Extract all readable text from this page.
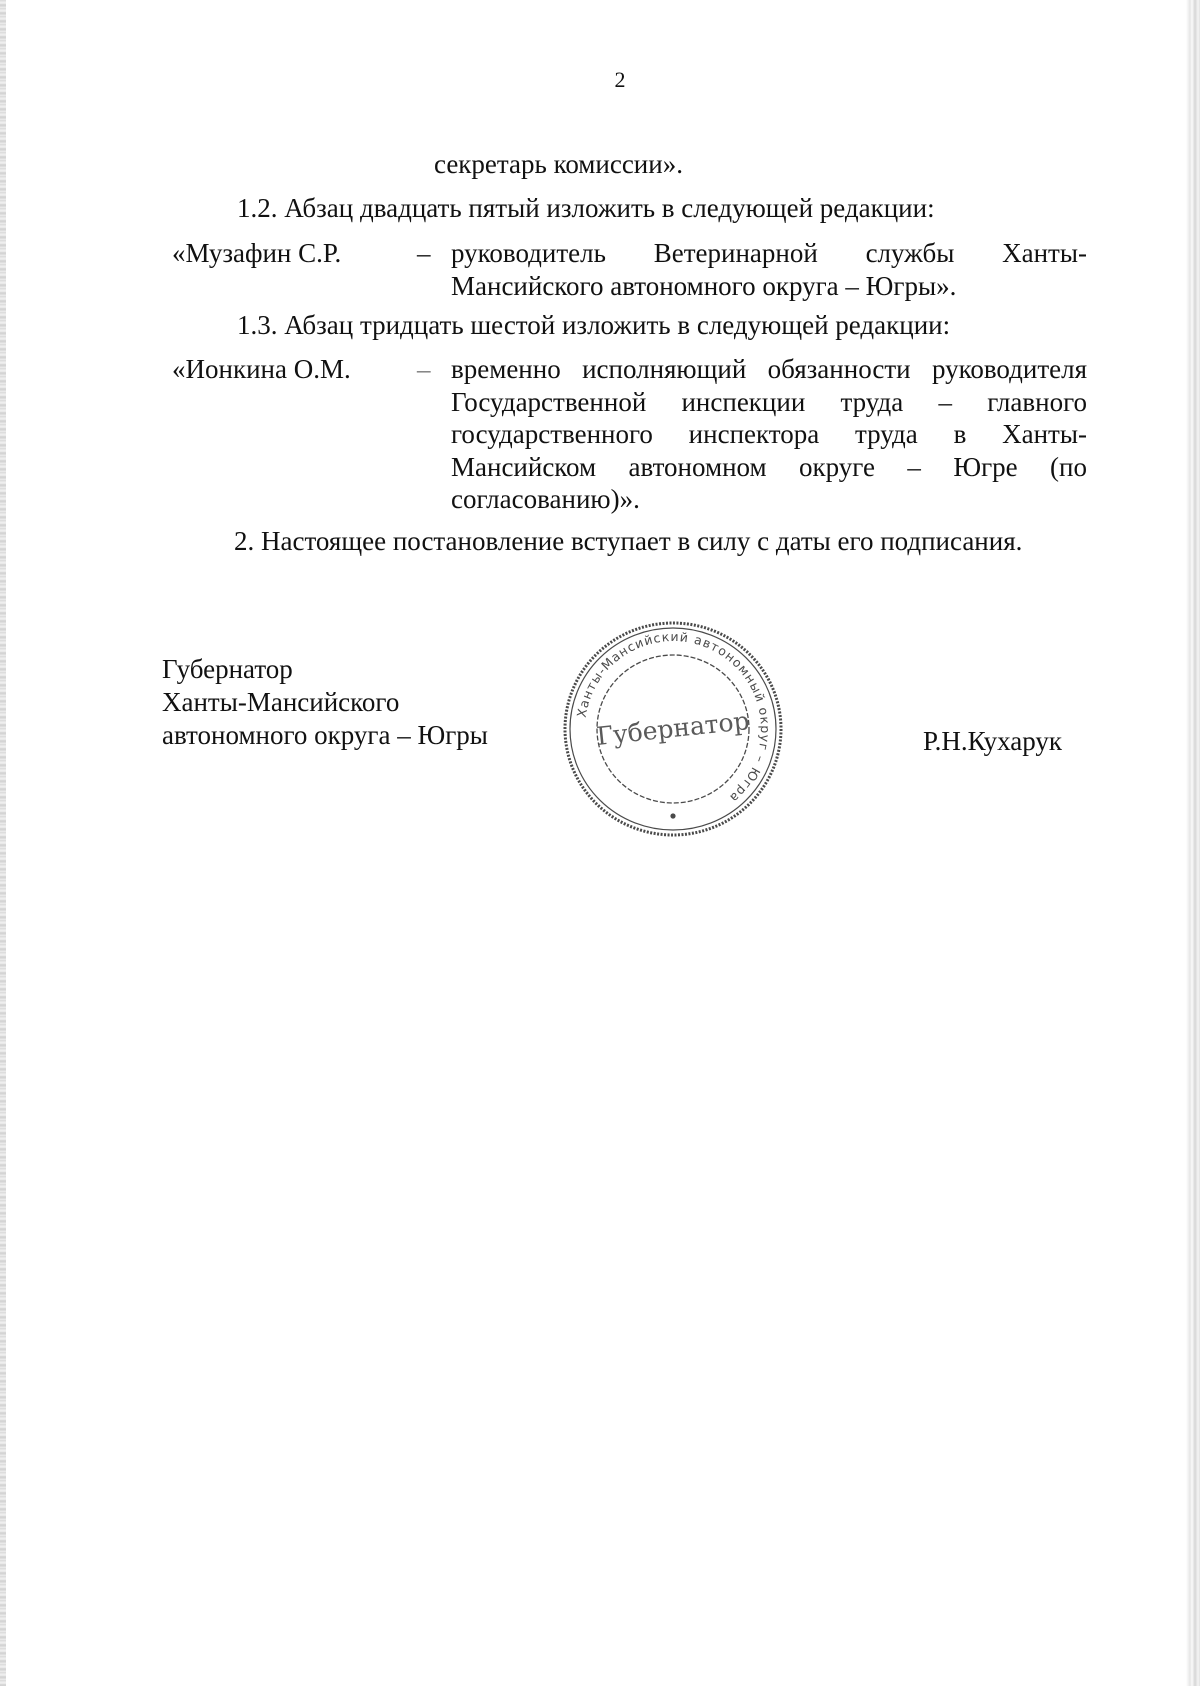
2
секретарь комиссии».
1.2. Абзац двадцать пятый изложить в следующей редакции:
«Музафин С.Р.	– руководитель Ветеринарной службы Ханты-
Мансийского автономного округа – Югры».
1.3. Абзац тридцать шестой изложить в следующей редакции:
«Ионкина О.М. – временно исполняющий обязанности руководителя
Государственной инспекции труда – главного
государственного инспектора труда в Ханты-
Мансийском автономном округе – Югре (по
согласованию)».
2. Настоящее постановление вступает в силу с даты его подписания.
Губернатор
Ханты-Мансийского
автономного округа – Югры	Р.Н.Кухарук
Ханты-Мансийский автономный округ – Югра
Губернатор
